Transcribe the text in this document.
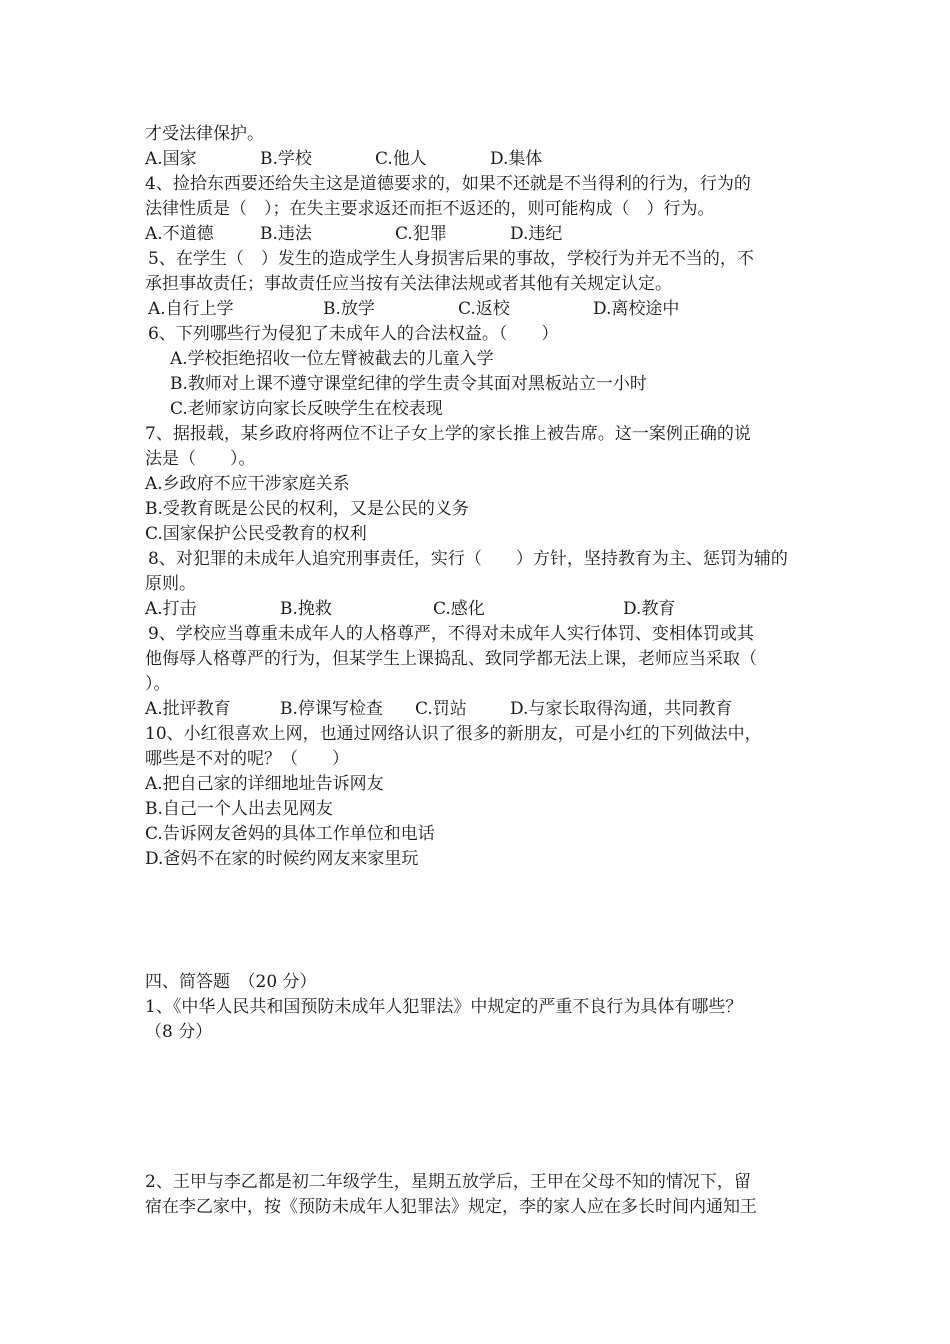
才受法律保护。
A.国家	B.学校	C.他人	D.集体
4、捡拾东西要还给失主这是道德要求的，如果不还就是不当得利的行为，行为的
法律性质是（　）；在失主要求返还而拒不返还的，则可能构成（　）行为。
A.不道德	B.违法	C.犯罪	D.违纪
5、在学生（　）发生的造成学生人身损害后果的事故，学校行为并无不当的，不
承担事故责任；事故责任应当按有关法律法规或者其他有关规定认定。
A.自行上学	B.放学	C.返校	D.离校途中
6、下列哪些行为侵犯了未成年人的合法权益。（　　）
A.学校拒绝招收一位左臂被截去的儿童入学
B.教师对上课不遵守课堂纪律的学生责令其面对黑板站立一小时
C.老师家访向家长反映学生在校表现
7、据报载，某乡政府将两位不让子女上学的家长推上被告席。这一案例正确的说
法是（　　）。
A.乡政府不应干涉家庭关系
B.受教育既是公民的权利，又是公民的义务
C.国家保护公民受教育的权利
8、对犯罪的未成年人追究刑事责任，实行（　　）方针，坚持教育为主、惩罚为辅的
原则。
A.打击	B.挽救	C.感化	D.教育
9、学校应当尊重未成年人的人格尊严，不得对未成年人实行体罚、变相体罚或其
他侮辱人格尊严的行为，但某学生上课捣乱、致同学都无法上课，老师应当采取（
）。
A.批评教育	B.停课写检查 C.罚站	D.与家长取得沟通，共同教育
10、小红很喜欢上网，也通过网络认识了很多的新朋友，可是小红的下列做法中，
哪些是不对的呢？（　　）
A.把自己家的详细地址告诉网友
B.自己一个人出去见网友
C.告诉网友爸妈的具体工作单位和电话
D.爸妈不在家的时候约网友来家里玩
四、简答题　（20 分）
1、《中华人民共和国预防未成年人犯罪法》中规定的严重不良行为具体有哪些？
（8 分）
2、王甲与李乙都是初二年级学生，星期五放学后，王甲在父母不知的情况下，留
宿在李乙家中，按《预防未成年人犯罪法》规定，李的家人应在多长时间内通知王
